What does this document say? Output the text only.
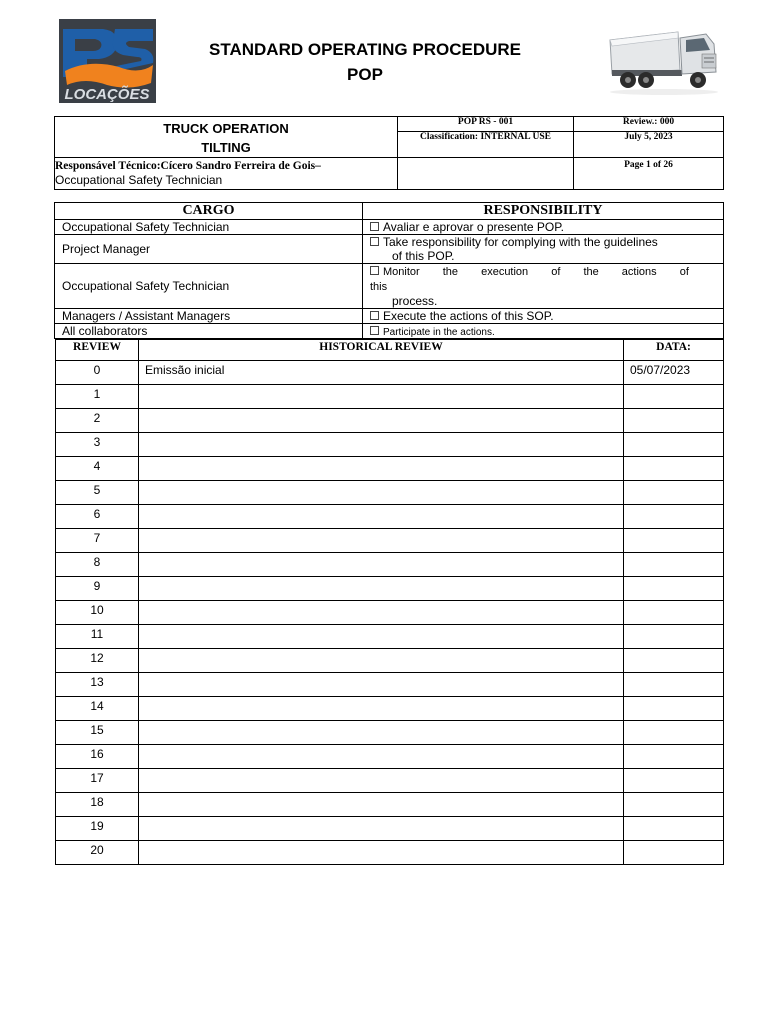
LOCAÇÕES
STANDARD OPERATING PROCEDURE
POP
TRUCK OPERATION
TILTING	POP RS - 001	Review.: 000
	Classification: INTERNAL USE	July 5, 2023

Responsável Técnico:Cícero Sandro Ferreira de Gois–
Occupational Safety Technician		Page 1 of 26
CARGO	RESPONSIBILITY
Occupational Safety Technician	Avaliar e aprovar o presente POP.
Project Manager	Take responsibility for complying with the guidelines
of this POP.
Occupational Safety Technician	Monitor the execution of the actions of this
process.
Managers / Assistant Managers	Execute the actions of this SOP.
All collaborators	Participate in the actions.
REVIEW	HISTORICAL REVIEW	DATA:
0	Emissão inicial	05/07/2023
1		
2		
3		
4		
5		
6		
7		
8		
9		
10		
11		
12		
13		
14		
15		
16		
17		
18		
19		
20		
